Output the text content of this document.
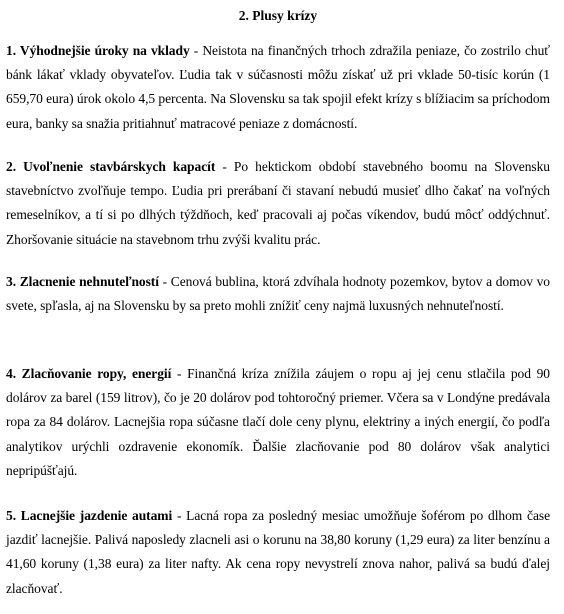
2. Plusy krízy

1. Výhodnejšie úroky na vklady - Neistota na finančných trhoch zdražila peniaze, čo zostrilo chuť bánk lákať vklady obyvateľov. Ľudia tak v súčasnosti môžu získať už pri vklade 50-tisíc korún (1 659,70 eura) úrok okolo 4,5 percenta. Na Slovensku sa tak spojil efekt krízy s blížiacim sa príchodom eura, banky sa snažia pritiahnuť matracové peniaze z domácností.

2. Uvoľnenie stavbárskych kapacít - Po hektickom období stavebného boomu na Slovensku stavebníctvo zvoľňuje tempo. Ľudia pri prerábaní či stavaní nebudú musieť dlho čakať na voľných remeselníkov, a tí si po dlhých týždňoch, keď pracovali aj počas víkendov, budú môcť oddýchnuť. Zhoršovanie situácie na stavebnom trhu zvýši kvalitu prác.

3. Zlacnenie nehnuteľností - Cenová bublina, ktorá zdvíhala hodnoty pozemkov, bytov a domov vo svete, spľasla, aj na Slovensku by sa preto mohli znížiť ceny najmä luxusných nehnuteľností.

4. Zlacňovanie ropy, energií - Finančná kríza znížila záujem o ropu aj jej cenu stlačila pod 90 dolárov za barel (159 litrov), čo je 20 dolárov pod tohtoročný priemer. Včera sa v Londýne predávala ropa za 84 dolárov. Lacnejšia ropa súčasne tlačí dole ceny plynu, elektriny a iných energií, čo podľa analytikov urýchli ozdravenie ekonomík. Ďalšie zlacňovanie pod 80 dolárov však analytici nepripúšťajú.

5. Lacnejšie jazdenie autami - Lacná ropa za posledný mesiac umožňuje šoférom po dlhom čase jazdiť lacnejšie. Palivá naposledy zlacneli asi o korunu na 38,80 koruny (1,29 eura) za liter benzínu a 41,60 koruny (1,38 eura) za liter nafty. Ak cena ropy nevystrelí znova nahor, palivá sa budú ďalej zlacňovať.
